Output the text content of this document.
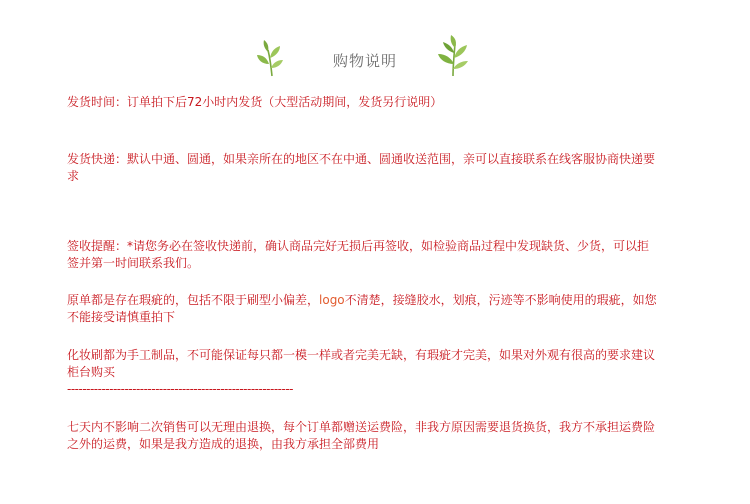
购物说明

发货时间：订单拍下后72小时内发货（大型活动期间，发货另行说明）

发货快递：默认中通、圆通，如果亲所在的地区不在中通、圆通收送范围，亲可以直接联系在线客服协商快递要求

签收提醒：*请您务必在签收快递前，确认商品完好无损后再签收，如检验商品过程中发现缺货、少货，可以拒签并第一时间联系我们。

原单都是存在瑕疵的，包括不限于刷型小偏差，logo不清楚，接缝胶水，划痕，污迹等不影响使用的瑕疵，如您不能接受请慎重拍下

化妆刷都为手工制品，不可能保证每只都一模一样或者完美无缺，有瑕疵才完美，如果对外观有很高的要求建议柜台购买

-----------------------------------------------------------

七天内不影响二次销售可以无理由退换，每个订单都赠送运费险，非我方原因需要退货换货，我方不承担运费险之外的运费，如果是我方造成的退换，由我方承担全部费用
